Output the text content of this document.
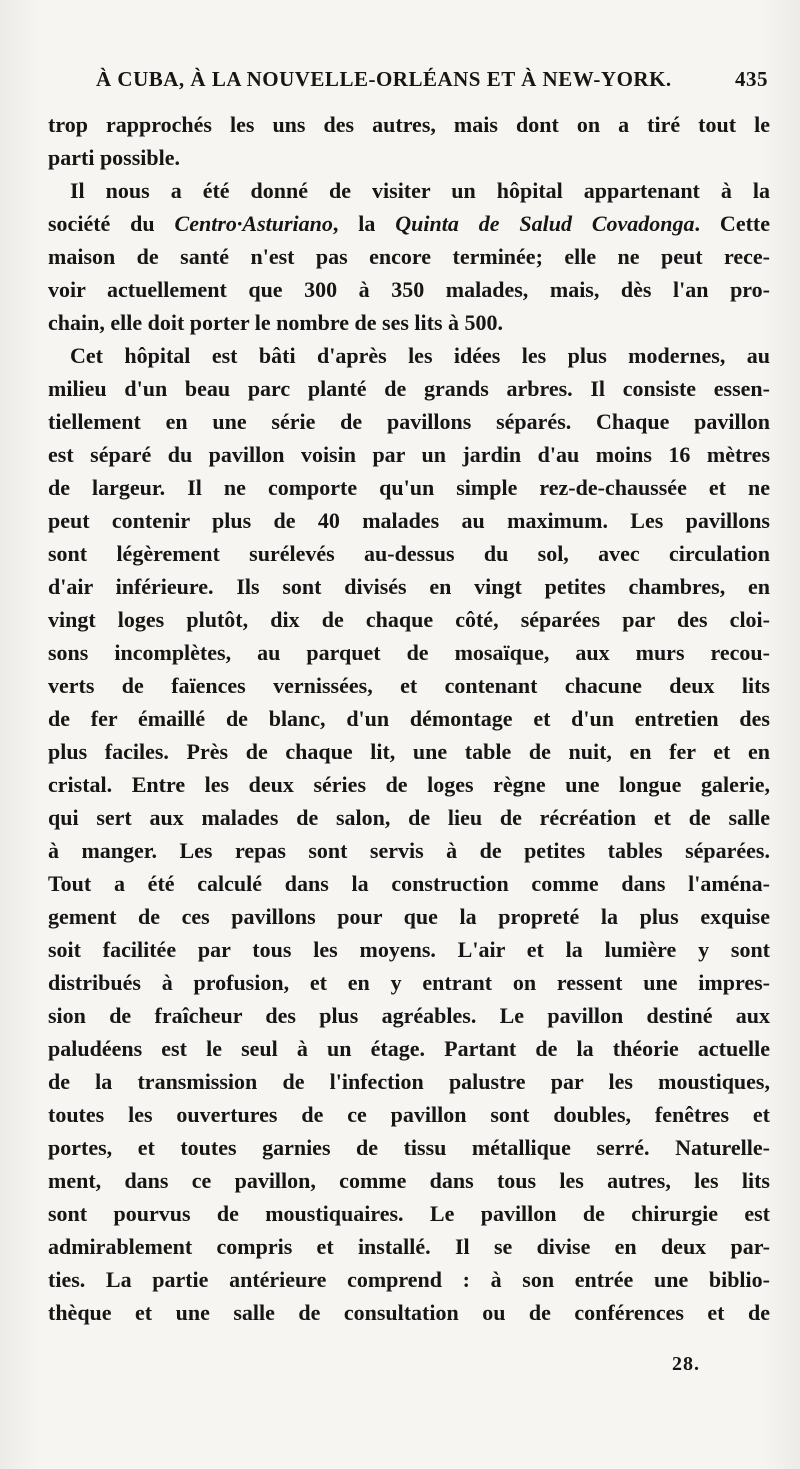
À CUBA, À LA NOUVELLE-ORLÉANS ET À NEW-YORK.	435
trop rapprochés les uns des autres, mais dont on a tiré tout le
parti possible.
Il nous a été donné de visiter un hôpital appartenant à la
société du Centro·Asturiano, la Quinta de Salud Covadonga. Cette
maison de santé n'est pas encore terminée; elle ne peut rece-
voir actuellement que 300 à 350 malades, mais, dès l'an pro-
chain, elle doit porter le nombre de ses lits à 500.
Cet hôpital est bâti d'après les idées les plus modernes, au
milieu d'un beau parc planté de grands arbres. Il consiste essen-
tiellement en une série de pavillons séparés. Chaque pavillon
est séparé du pavillon voisin par un jardin d'au moins 16 mètres
de largeur. Il ne comporte qu'un simple rez-de-chaussée et ne
peut contenir plus de 40 malades au maximum. Les pavillons
sont légèrement surélevés au-dessus du sol, avec circulation
d'air inférieure. Ils sont divisés en vingt petites chambres, en
vingt loges plutôt, dix de chaque côté, séparées par des cloi-
sons incomplètes, au parquet de mosaïque, aux murs recou-
verts de faïences vernissées, et contenant chacune deux lits
de fer émaillé de blanc, d'un démontage et d'un entretien des
plus faciles. Près de chaque lit, une table de nuit, en fer et en
cristal. Entre les deux séries de loges règne une longue galerie,
qui sert aux malades de salon, de lieu de récréation et de salle
à manger. Les repas sont servis à de petites tables séparées.
Tout a été calculé dans la construction comme dans l'aména-
gement de ces pavillons pour que la propreté la plus exquise
soit facilitée par tous les moyens. L'air et la lumière y sont
distribués à profusion, et en y entrant on ressent une impres-
sion de fraîcheur des plus agréables. Le pavillon destiné aux
paludéens est le seul à un étage. Partant de la théorie actuelle
de la transmission de l'infection palustre par les moustiques,
toutes les ouvertures de ce pavillon sont doubles, fenêtres et
portes, et toutes garnies de tissu métallique serré. Naturelle-
ment, dans ce pavillon, comme dans tous les autres, les lits
sont pourvus de moustiquaires. Le pavillon de chirurgie est
admirablement compris et installé. Il se divise en deux par-
ties. La partie antérieure comprend : à son entrée une biblio-
thèque et une salle de consultation ou de conférences et de
28.
